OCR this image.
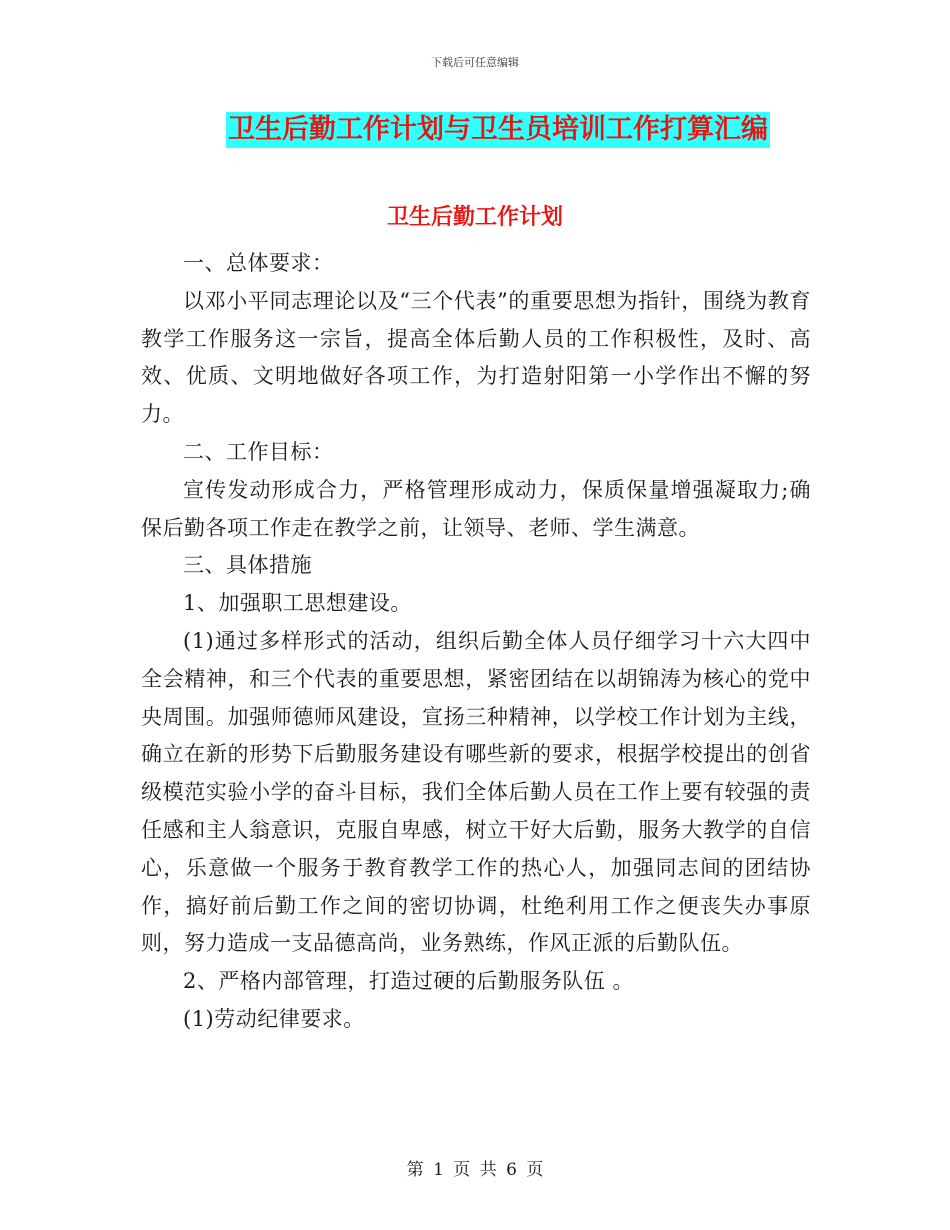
下载后可任意编辑
卫生后勤工作计划与卫生员培训工作打算汇编
卫生后勤工作计划

一、总体要求：

以邓小平同志理论以及“三个代表”的重要思想为指针，围绕为教育教学工作服务这一宗旨，提高全体后勤人员的工作积极性，及时、高效、优质、文明地做好各项工作，为打造射阳第一小学作出不懈的努力。

二、工作目标：

宣传发动形成合力，严格管理形成动力，保质保量增强凝取力;确保后勤各项工作走在教学之前，让领导、老师、学生满意。

三、具体措施

1、加强职工思想建设。

(1)通过多样形式的活动，组织后勤全体人员仔细学习十六大四中全会精神，和三个代表的重要思想，紧密团结在以胡锦涛为核心的党中央周围。加强师德师风建设，宣扬三种精神，以学校工作计划为主线，确立在新的形势下后勤服务建设有哪些新的要求，根据学校提出的创省级模范实验小学的奋斗目标，我们全体后勤人员在工作上要有较强的责任感和主人翁意识，克服自卑感，树立干好大后勤，服务大教学的自信心，乐意做一个服务于教育教学工作的热心人，加强同志间的团结协作，搞好前后勤工作之间的密切协调，杜绝利用工作之便丧失办事原则，努力造成一支品德高尚，业务熟练，作风正派的后勤队伍。

2、严格内部管理，打造过硬的后勤服务队伍 。

(1)劳动纪律要求。

第 1 页 共 6 页
